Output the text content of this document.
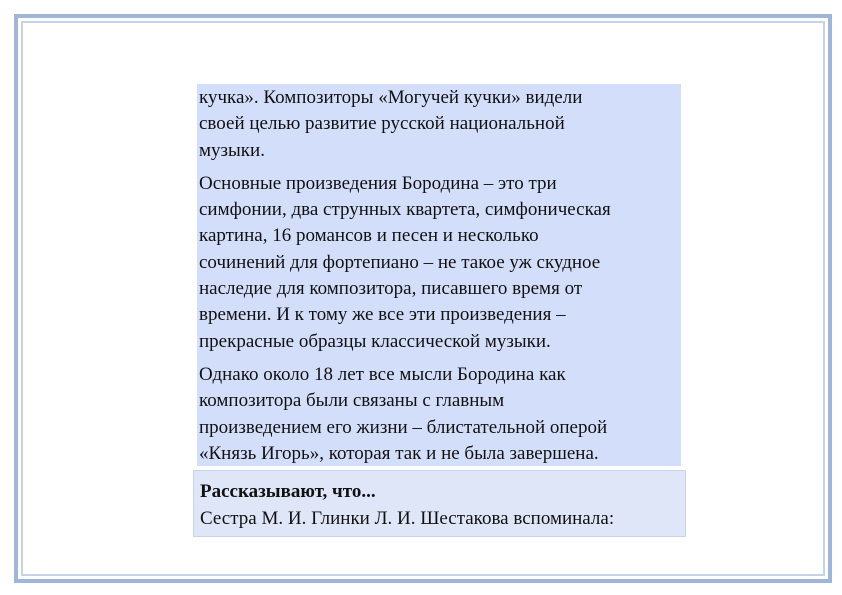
кучка». Композиторы «Могучей кучки» видели
своей целью развитие русской национальной
музыки.

Основные произведения Бородина – это три
симфонии, два струнных квартета, симфоническая
картина, 16 романсов и песен и несколько
сочинений для фортепиано – не такое уж скудное
наследие для композитора, писавшего время от
времени. И к тому же все эти произведения –
прекрасные образцы классической музыки.

Однако около 18 лет все мысли Бородина как
композитора были связаны с главным
произведением его жизни – блистательной оперой
«Князь Игорь», которая так и не была завершена.

Рассказывают, что...
Сестра М. И. Глинки Л. И. Шестакова вспоминала:
